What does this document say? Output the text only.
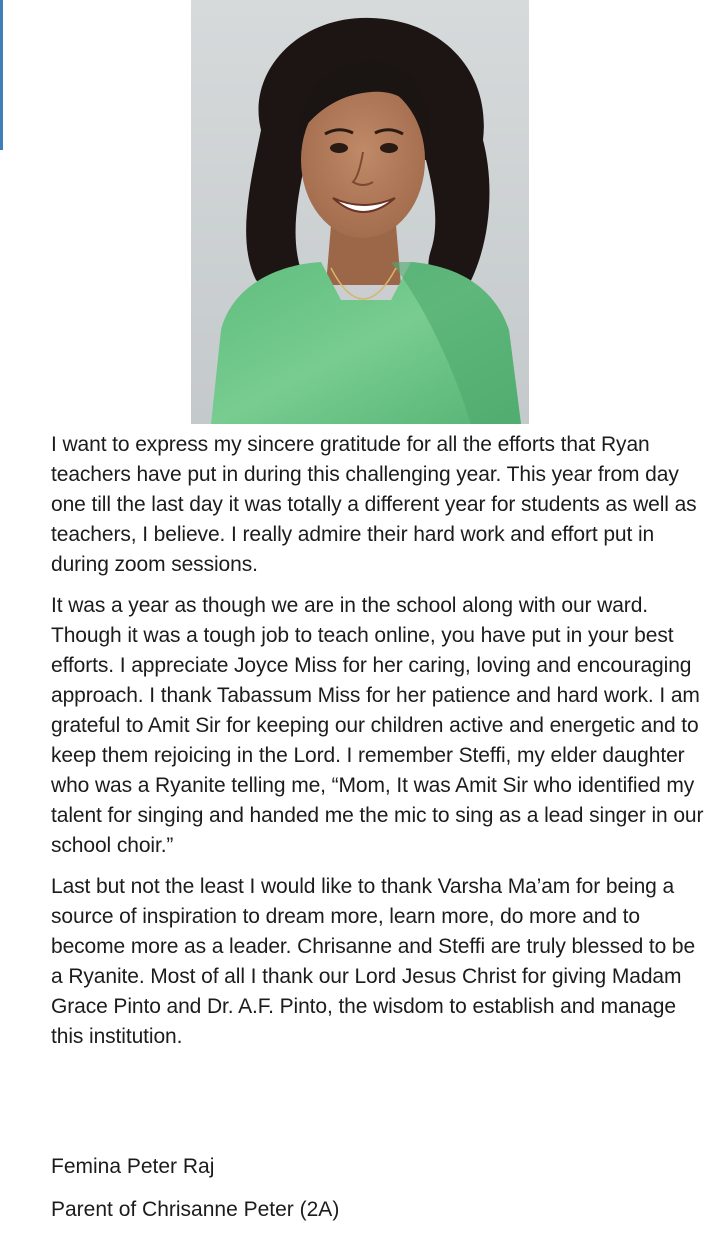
I want to express my sincere gratitude for all the efforts that Ryan teachers have put in during this challenging year. This year from day one till the last day it was totally a different year for students as well as teachers, I believe. I really admire their hard work and effort put in during zoom sessions.

It was a year as though we are in the school along with our ward. Though it was a tough job to teach online, you have put in your best efforts. I appreciate Joyce Miss for her caring, loving and encouraging approach. I thank Tabassum Miss for her patience and hard work. I am grateful to Amit Sir for keeping our children active and energetic and to keep them rejoicing in the Lord. I remember Steffi, my elder daughter who was a Ryanite telling me, “Mom, It was Amit Sir who identified my talent for singing and handed me the mic to sing as a lead singer in our school choir.”

Last but not the least I would like to thank Varsha Ma’am for being a source of inspiration to dream more, learn more, do more and to become more as a leader. Chrisanne and Steffi are truly blessed to be a Ryanite. Most of all I thank our Lord Jesus Christ for giving Madam Grace Pinto and Dr. A.F. Pinto, the wisdom to establish and manage this institution.

Femina Peter Raj
Parent of Chrisanne Peter (2A)
